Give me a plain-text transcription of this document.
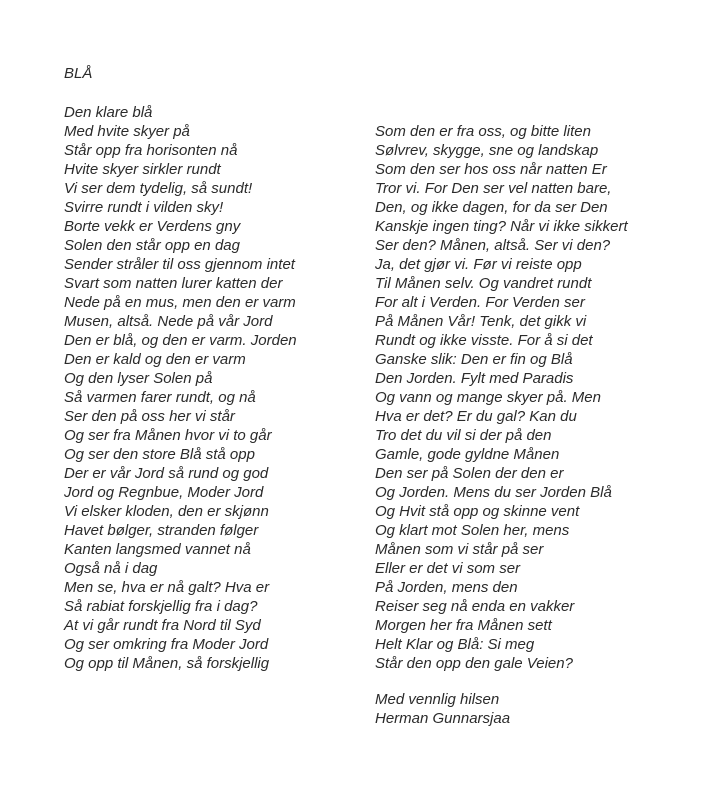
BLÅ
Den klare blå
Med hvite skyer på
Står opp fra horisonten nå
Hvite skyer sirkler rundt
Vi ser dem tydelig, så sundt!
Svirre rundt i vilden sky!
Borte vekk er Verdens gny
Solen den står opp en dag
Sender stråler til oss gjennom intet
Svart som natten lurer katten der
Nede på en mus, men den er varm
Musen, altså. Nede på vår Jord
Den er blå, og den er varm. Jorden
Den er kald og den er varm
Og den lyser Solen på
Så varmen farer rundt, og nå
Ser den på oss her vi står
Og ser fra Månen hvor vi to går
Og ser den store Blå stå opp
Der er vår Jord så rund og god
Jord og Regnbue, Moder Jord
Vi elsker kloden, den er skjønn
Havet bølger, stranden følger
Kanten langsmed vannet nå
Også nå i dag
Men se, hva er nå galt? Hva er
Så rabiat forskjellig fra i dag?
At vi går rundt fra Nord til Syd
Og ser omkring fra Moder Jord
Og opp til Månen, så forskjellig
Som den er fra oss, og bitte liten
Sølvrev, skygge, sne og landskap
Som den ser hos oss når natten Er
Tror vi. For Den ser vel natten bare,
Den, og ikke dagen, for da ser Den
Kanskje ingen ting? Når vi ikke sikkert
Ser den? Månen, altså. Ser vi den?
Ja, det gjør vi. Før vi reiste opp
Til Månen selv. Og vandret rundt
For alt i Verden. For Verden ser
På Månen Vår! Tenk, det gikk vi
Rundt og ikke visste. For å si det
Ganske slik: Den er fin og Blå
Den Jorden. Fylt med Paradis
Og vann og mange skyer på. Men
Hva er det? Er du gal? Kan du
Tro det du vil si der på den
Gamle, gode gyldne Månen
Den ser på Solen der den er
Og Jorden. Mens du ser Jorden Blå
Og Hvit stå opp og skinne vent
Og klart mot Solen her, mens
Månen som vi står på ser
Eller er det vi som ser
På Jorden, mens den
Reiser seg nå enda en vakker
Morgen her fra Månen sett
Helt Klar og Blå: Si meg
Står den opp den gale Veien?
Med vennlig hilsen
Herman Gunnarsjaa
